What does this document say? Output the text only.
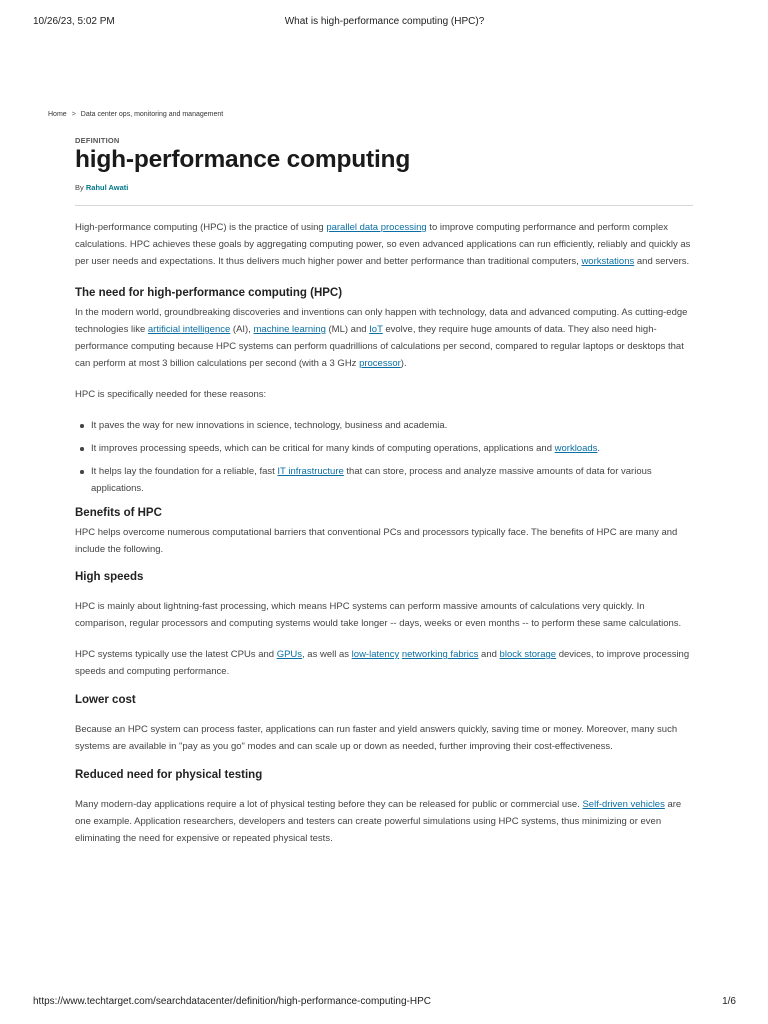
10/26/23, 5:02 PM	What is high-performance computing (HPC)?
Home > Data center ops, monitoring and management
DEFINITION
high-performance computing
By Rahul Awati

High-performance computing (HPC) is the practice of using parallel data processing to improve computing performance and perform complex calculations. HPC achieves these goals by aggregating computing power, so even advanced applications can run efficiently, reliably and quickly as per user needs and expectations. It thus delivers much higher power and better performance than traditional computers, workstations and servers.

The need for high-performance computing (HPC)

In the modern world, groundbreaking discoveries and inventions can only happen with technology, data and advanced computing. As cutting-edge technologies like artificial intelligence (AI), machine learning (ML) and IoT evolve, they require huge amounts of data. They also need high-performance computing because HPC systems can perform quadrillions of calculations per second, compared to regular laptops or desktops that can perform at most 3 billion calculations per second (with a 3 GHz processor).

HPC is specifically needed for these reasons:

It paves the way for new innovations in science, technology, business and academia.
It improves processing speeds, which can be critical for many kinds of computing operations, applications and workloads.
It helps lay the foundation for a reliable, fast IT infrastructure that can store, process and analyze massive amounts of data for various applications.
Benefits of HPC

HPC helps overcome numerous computational barriers that conventional PCs and processors typically face. The benefits of HPC are many and include the following.

High speeds

HPC is mainly about lightning-fast processing, which means HPC systems can perform massive amounts of calculations very quickly. In comparison, regular processors and computing systems would take longer -- days, weeks or even months -- to perform these same calculations.

HPC systems typically use the latest CPUs and GPUs, as well as low-latency networking fabrics and block storage devices, to improve processing speeds and computing performance.

Lower cost

Because an HPC system can process faster, applications can run faster and yield answers quickly, saving time or money. Moreover, many such systems are available in "pay as you go" modes and can scale up or down as needed, further improving their cost-effectiveness.

Reduced need for physical testing

Many modern-day applications require a lot of physical testing before they can be released for public or commercial use. Self-driven vehicles are one example. Application researchers, developers and testers can create powerful simulations using HPC systems, thus minimizing or even eliminating the need for expensive or repeated physical tests.

https://www.techtarget.com/searchdatacenter/definition/high-performance-computing-HPC	1/6
